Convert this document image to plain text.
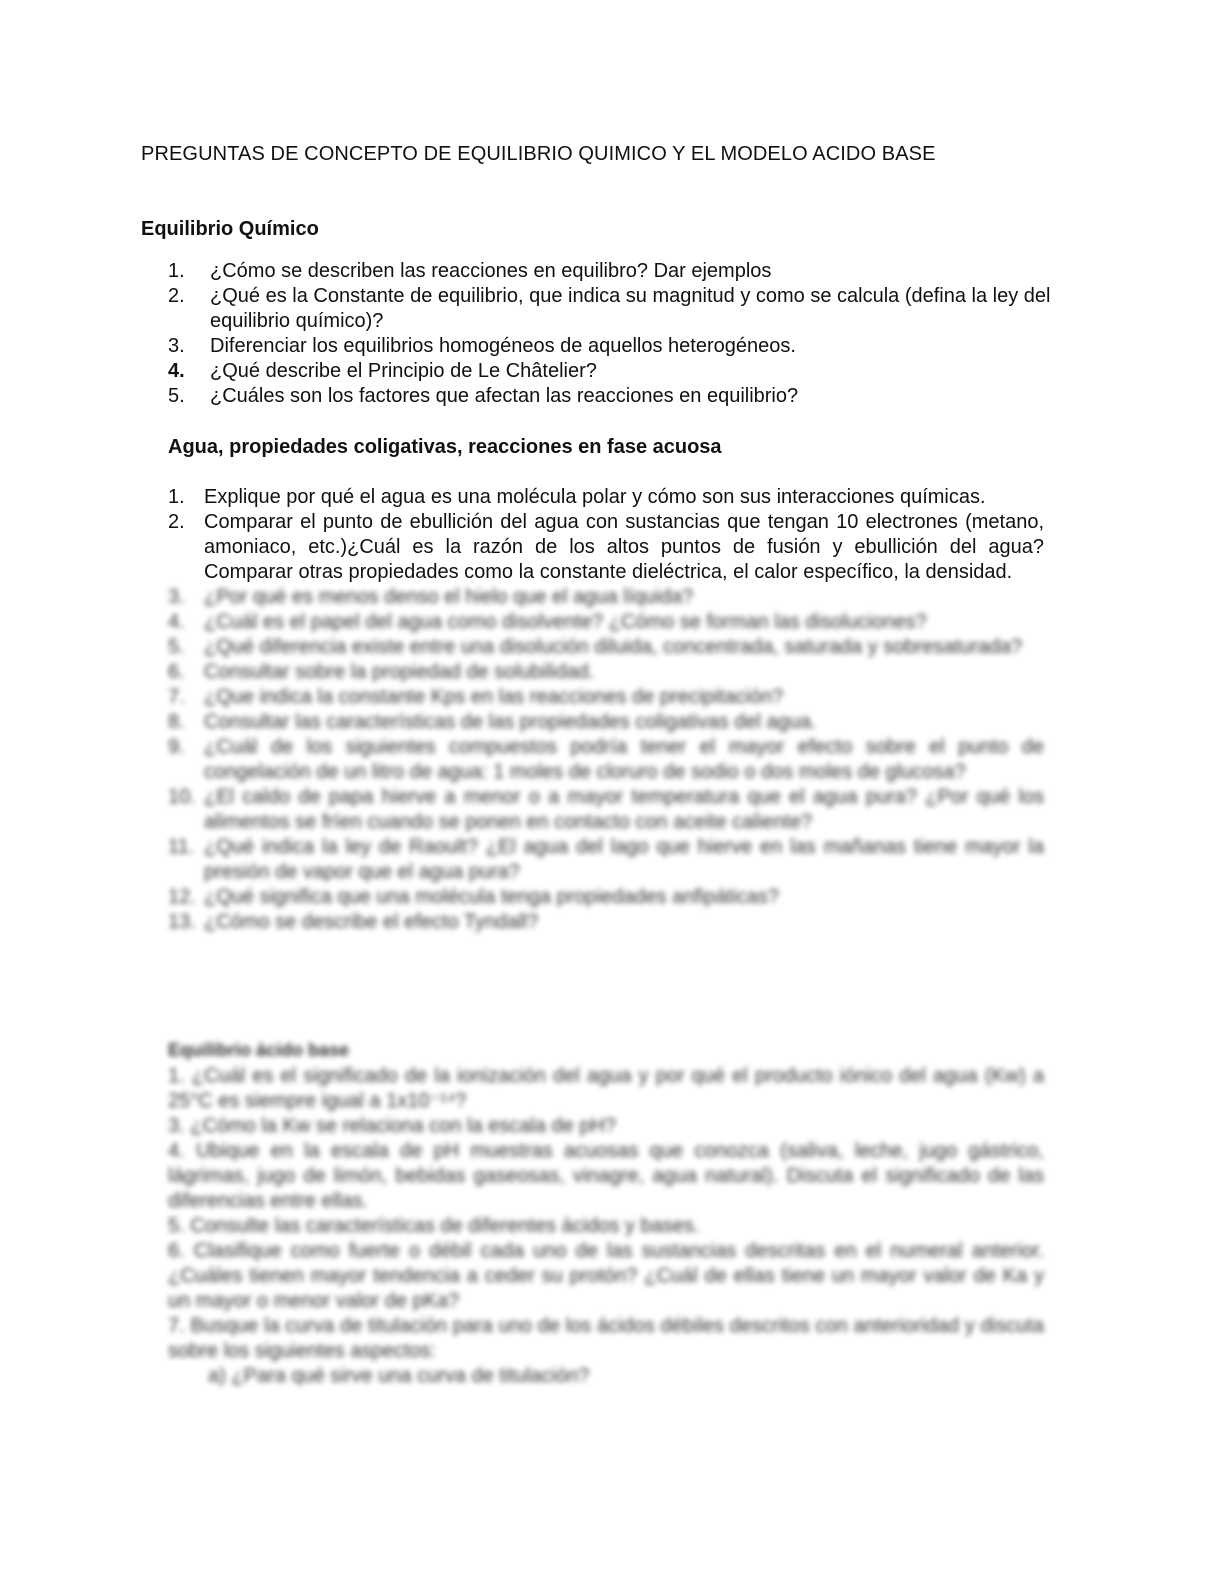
PREGUNTAS DE CONCEPTO DE EQUILIBRIO QUIMICO Y EL MODELO ACIDO BASE
Equilibrio Químico
1. ¿Cómo se describen las reacciones en equilibro? Dar ejemplos
2. ¿Qué es la Constante de equilibrio, que indica su magnitud y como se calcula (defina la ley del equilibrio químico)?
3. Diferenciar los equilibrios homogéneos de aquellos heterogéneos.
4. ¿Qué describe el Principio de Le Châtelier?
5. ¿Cuáles son los factores que afectan las reacciones en equilibrio?
Agua, propiedades coligativas, reacciones en fase acuosa
1. Explique por qué el agua es una molécula polar y cómo son sus interacciones químicas.
2. Comparar el punto de ebullición del agua con sustancias que tengan 10 electrones (metano, amoniaco, etc.)¿Cuál es la razón de los altos puntos de fusión y ebullición del agua? Comparar otras propiedades como la constante dieléctrica, el calor específico, la densidad.
3. ¿Por qué es menos denso el hielo que el agua líquida?
4. ¿Cuál es el papel del agua como disolvente? ¿Cómo se forman las disoluciones?
5. ¿Qué diferencia existe entre una disolución diluida, concentrada, saturada y sobresaturada?
6. Consultar sobre la propiedad de solubilidad.
7. ¿Que indica la constante Kps en las reacciones de precipitación?
8. Consultar las características de las propiedades coligativas del agua.
9. ¿Cuál de los siguientes compuestos podría tener el mayor efecto sobre el punto de congelación de un litro de agua: 1 moles de cloruro de sodio o dos moles de glucosa?
10. ¿El caldo de papa hierve a menor o a mayor temperatura que el agua pura? ¿Por qué los alimentos se fríen cuando se ponen en contacto con aceite caliente?
11. ¿Qué indica la ley de Raoult? ¿El agua del lago que hierve en las mañanas tiene mayor la presión de vapor que el agua pura?
12. ¿Qué significa que una molécula tenga propiedades anfipáticas?
13. ¿Cómo se describe el efecto Tyndall?
Equilibrio ácido base

1. ¿Cuál es el significado de la ionización del agua y por qué el producto iónico del agua (Kw) a 25°C es siempre igual a 1x10⁻¹⁴?

3. ¿Cómo la Kw se relaciona con la escala de pH?

4. Ubique en la escala de pH muestras acuosas que conozca (saliva, leche, jugo gástrico, lágrimas, jugo de limón, bebidas gaseosas, vinagre, agua natural). Discuta el significado de las diferencias entre ellas.

5. Consulte las características de diferentes ácidos y bases.

6. Clasifique como fuerte o débil cada uno de las sustancias descritas en el numeral anterior. ¿Cuáles tienen mayor tendencia a ceder su protón? ¿Cuál de ellas tiene un mayor valor de Ka y un mayor o menor valor de pKa?

7. Busque la curva de titulación para uno de los ácidos débiles descritos con anterioridad y discuta sobre los siguientes aspectos:

a) ¿Para qué sirve una curva de titulación?
